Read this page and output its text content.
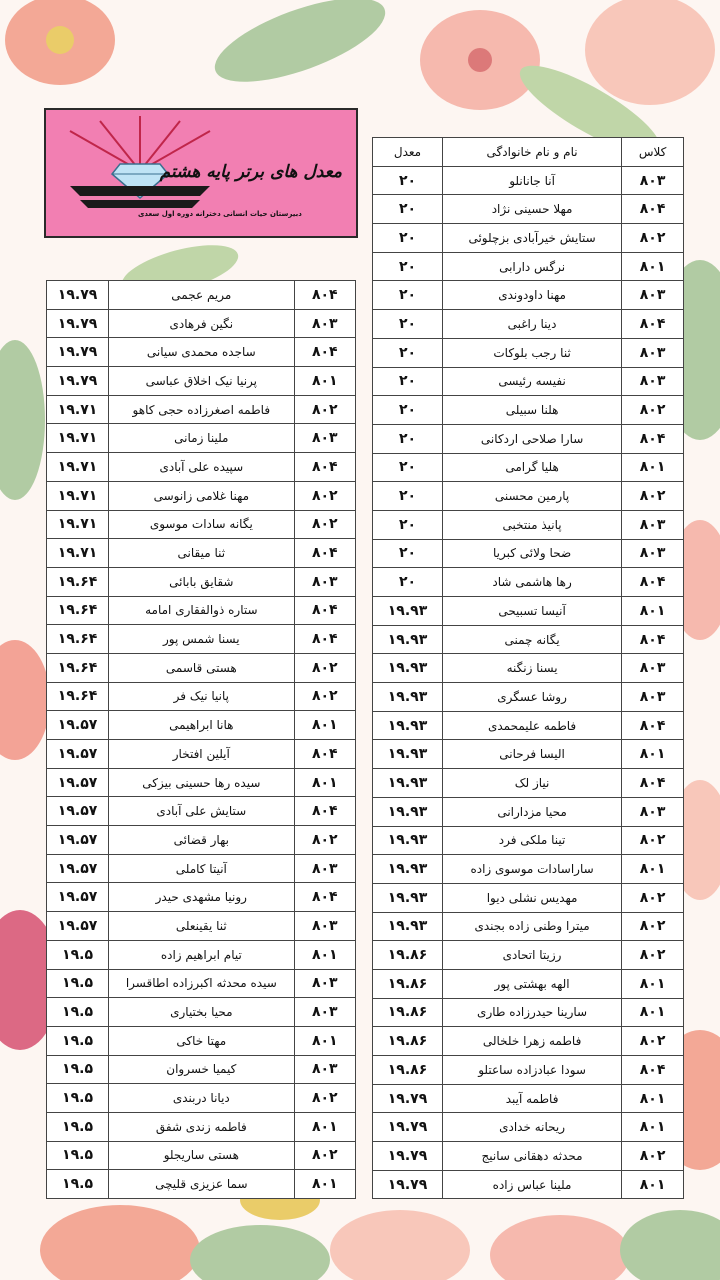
معدل های برتر پایه هشتم
دبیرستان حیات انسانی دخترانه دوره اول سعدی
کلاس	نام و نام خانوادگی	معدل
۸۰۳	آنا جانانلو	۲۰
۸۰۴	مهلا حسینی نژاد	۲۰
۸۰۲	ستایش خیرآبادی بزچلوئی	۲۰
۸۰۱	نرگس دارابی	۲۰
۸۰۳	مهنا داودوندی	۲۰
۸۰۴	دینا راغبی	۲۰
۸۰۳	ثنا رجب بلوکات	۲۰
۸۰۳	نفیسه رئیسی	۲۰
۸۰۲	هلنا سبیلی	۲۰
۸۰۴	سارا صلاحی اردکانی	۲۰
۸۰۱	هلیا گرامی	۲۰
۸۰۲	پارمین محسنی	۲۰
۸۰۳	پانیذ منتخبی	۲۰
۸۰۳	ضحا ولائی کبریا	۲۰
۸۰۴	رها هاشمی شاد	۲۰
۸۰۱	آنیسا تسبیحی	۱۹.۹۳
۸۰۴	یگانه چمنی	۱۹.۹۳
۸۰۳	یسنا زنگنه	۱۹.۹۳
۸۰۳	روشا عسگری	۱۹.۹۳
۸۰۴	فاطمه علیمحمدی	۱۹.۹۳
۸۰۱	الیسا فرحانی	۱۹.۹۳
۸۰۴	نیاز لک	۱۹.۹۳
۸۰۳	محیا مزدارانی	۱۹.۹۳
۸۰۲	تینا ملکی فرد	۱۹.۹۳
۸۰۱	ساراسادات موسوی زاده	۱۹.۹۳
۸۰۲	مهدیس نشلی دیوا	۱۹.۹۳
۸۰۲	میترا وطنی زاده بجندی	۱۹.۹۳
۸۰۲	رزیتا اتحادی	۱۹.۸۶
۸۰۱	الهه بهشتی پور	۱۹.۸۶
۸۰۱	سارینا حیدرزاده طاری	۱۹.۸۶
۸۰۲	فاطمه زهرا خلخالی	۱۹.۸۶
۸۰۴	سودا عبادزاده ساعتلو	۱۹.۸۶
۸۰۱	فاطمه آیبد	۱۹.۷۹
۸۰۱	ریحانه خدادی	۱۹.۷۹
۸۰۲	محدثه دهقانی سانیج	۱۹.۷۹
۸۰۱	ملینا عباس زاده	۱۹.۷۹
۸۰۴	مریم عجمی	۱۹.۷۹
۸۰۳	نگین فرهادی	۱۹.۷۹
۸۰۴	ساجده محمدی سیانی	۱۹.۷۹
۸۰۱	پرنیا نیک اخلاق عباسی	۱۹.۷۹
۸۰۲	فاطمه اصغرزاده حجی کاهو	۱۹.۷۱
۸۰۳	ملینا زمانی	۱۹.۷۱
۸۰۴	سپیده علی آبادی	۱۹.۷۱
۸۰۲	مهنا غلامی زانوسی	۱۹.۷۱
۸۰۲	یگانه سادات موسوی	۱۹.۷۱
۸۰۴	ثنا میقانی	۱۹.۷۱
۸۰۳	شقایق بابائی	۱۹.۶۴
۸۰۴	ستاره ذوالفقاری امامه	۱۹.۶۴
۸۰۴	یسنا شمس پور	۱۹.۶۴
۸۰۲	هستی قاسمی	۱۹.۶۴
۸۰۲	پانیا نیک فر	۱۹.۶۴
۸۰۱	هانا ابراهیمی	۱۹.۵۷
۸۰۴	آیلین افتخار	۱۹.۵۷
۸۰۱	سیده رها حسینی بیزکی	۱۹.۵۷
۸۰۴	ستایش علی آبادی	۱۹.۵۷
۸۰۲	بهار قضائی	۱۹.۵۷
۸۰۳	آنیتا کاملی	۱۹.۵۷
۸۰۴	رونیا مشهدی حیدر	۱۹.۵۷
۸۰۳	ثنا یقینعلی	۱۹.۵۷
۸۰۱	تیام ابراهیم زاده	۱۹.۵
۸۰۳	سیده محدثه اکبرزاده اطاقسرا	۱۹.۵
۸۰۳	محیا بختیاری	۱۹.۵
۸۰۱	مهتا خاکی	۱۹.۵
۸۰۳	کیمیا خسروان	۱۹.۵
۸۰۲	دیانا دربندی	۱۹.۵
۸۰۱	فاطمه زندی شفق	۱۹.۵
۸۰۲	هستی ساریجلو	۱۹.۵
۸۰۱	سما عزیزی قلیچی	۱۹.۵
